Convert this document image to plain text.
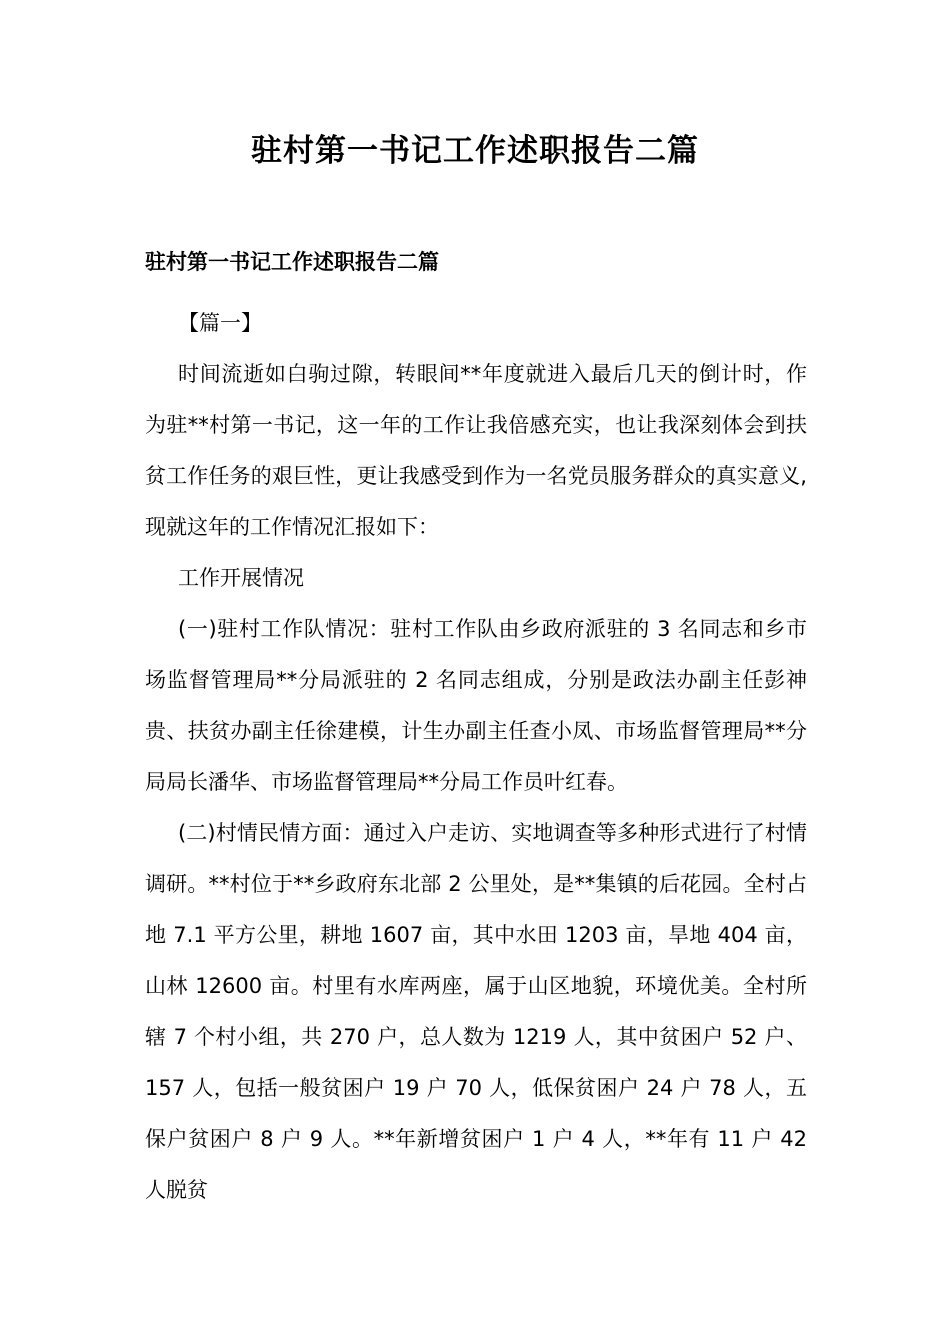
驻村第一书记工作述职报告二篇
驻村第一书记工作述职报告二篇

【篇一】

时间流逝如白驹过隙，转眼间**年度就进入最后几天的倒计时，作为驻**村第一书记，这一年的工作让我倍感充实，也让我深刻体会到扶贫工作任务的艰巨性，更让我感受到作为一名党员服务群众的真实意义,现就这年的工作情况汇报如下：

工作开展情况

(一)驻村工作队情况：驻村工作队由乡政府派驻的 3 名同志和乡市场监督管理局**分局派驻的 2 名同志组成，分别是政法办副主任彭神贵、扶贫办副主任徐建模，计生办副主任查小凤、市场监督管理局**分局局长潘华、市场监督管理局**分局工作员叶红春。

(二)村情民情方面：通过入户走访、实地调查等多种形式进行了村情调研。**村位于**乡政府东北部 2 公里处，是**集镇的后花园。全村占地 7.1 平方公里，耕地 1607 亩，其中水田 1203 亩，旱地 404 亩，山林 12600 亩。村里有水库两座，属于山区地貌，环境优美。全村所辖 7 个村小组，共 270 户，总人数为 1219 人，其中贫困户 52 户、157 人，包括一般贫困户 19 户 70 人，低保贫困户 24 户 78 人，五保户贫困户 8 户 9 人。**年新增贫困户 1 户 4 人，**年有 11 户 42 人脱贫
